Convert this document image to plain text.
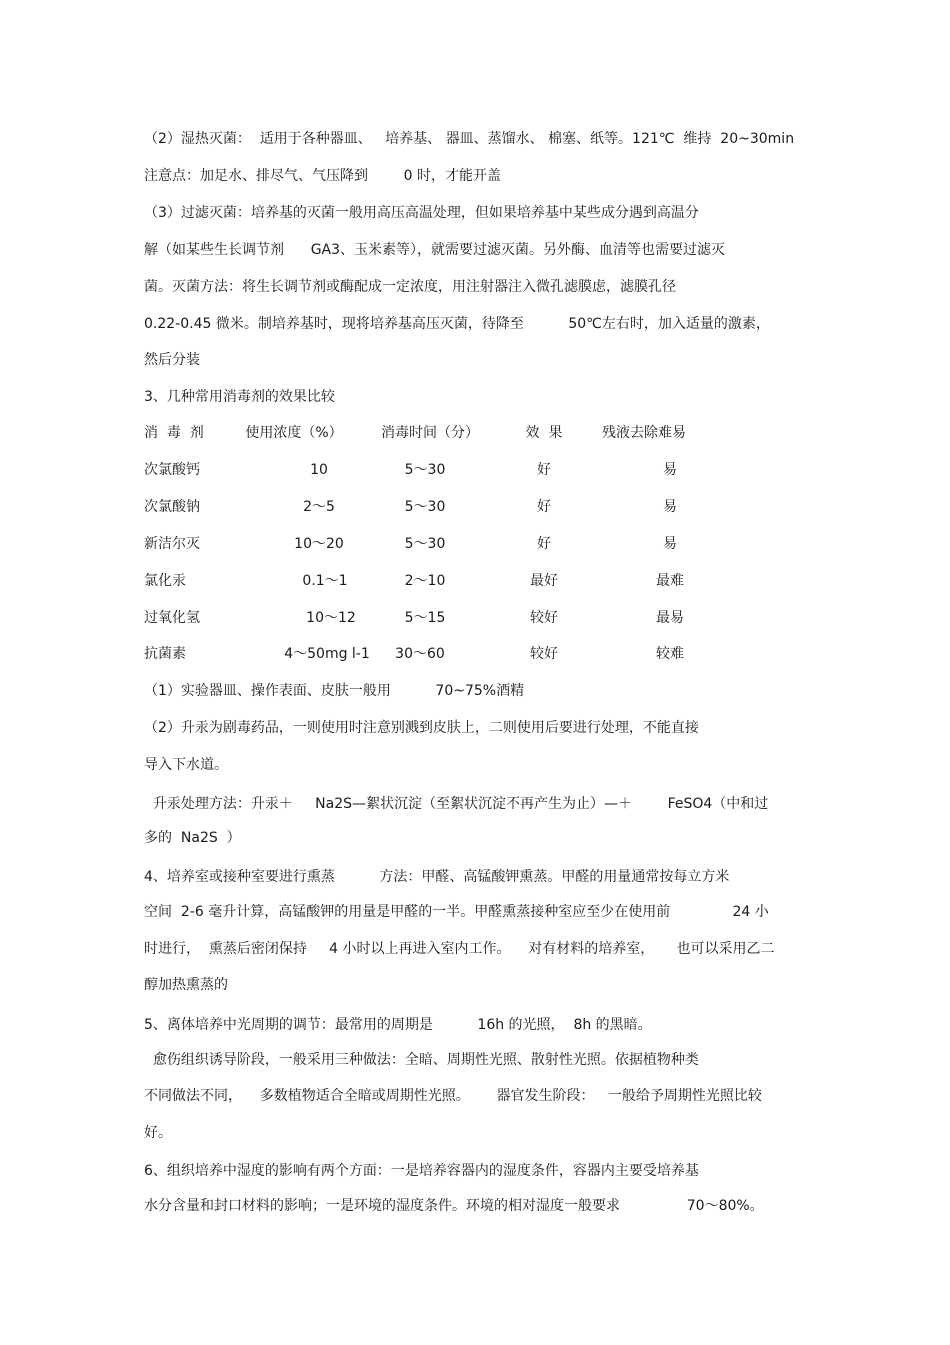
（2）湿热灭菌：  适用于各种器皿、   培养基、 器皿、蒸馏水、 棉塞、纸等。121℃  维持  20~30min
注意点：加足水、排尽气、气压降到        0 时，才能开盖
（3）过滤灭菌：培养基的灭菌一般用高压高温处理，但如果培养基中某些成分遇到高温分
解（如某些生长调节剂      GA3、玉米素等），就需要过滤灭菌。另外酶、血清等也需要过滤灭
菌。灭菌方法：将生长调节剂或酶配成一定浓度，用注射器注入微孔滤膜虑，滤膜孔径
0.22-0.45 微米。制培养基时，现将培养基高压灭菌，待降至          50℃左右时，加入适量的激素，
然后分装
3、几种常用消毒剂的效果比较
消  毒  剂	使用浓度（%）	消毒时间（分）	效  果	残液去除难易
次氯酸钙	10	5～30	好	易
次氯酸钠	2～5	5～30	好	易
新洁尔灭	10～20	5～30	好	易
氯化汞	0.1～1	2～10	最好	最难
过氧化氢	10～12	5～15	较好	最易
抗菌素	4～50mg l-1	30～60	较好	较难
（1）实验器皿、操作表面、皮肤一般用          70~75%酒精
（2）升汞为剧毒药品，一则使用时注意别溅到皮肤上，二则使用后要进行处理，不能直接
导入下水道。
升汞处理方法：升汞＋     Na2S—絮状沉淀（至絮状沉淀不再产生为止）—＋        FeSO4（中和过
多的  Na2S  ）
4、培养室或接种室要进行熏蒸          方法：甲醛、高锰酸钾熏蒸。甲醛的用量通常按每立方米
空间  2-6 毫升计算，高锰酸钾的用量是甲醛的一半。甲醛熏蒸接种室应至少在使用前              24 小
时进行，  熏蒸后密闭保持     4 小时以上再进入室内工作。    对有材料的培养室，     也可以采用乙二
醇加热熏蒸的
5、离体培养中光周期的调节：最常用的周期是          16h 的光照，  8h 的黑暗。
愈伤组织诱导阶段，一般采用三种做法：全暗、周期性光照、散射性光照。依据植物种类
不同做法不同，    多数植物适合全暗或周期性光照。      器官发生阶段：   一般给予周期性光照比较
好。
6、组织培养中湿度的影响有两个方面：一是培养容器内的湿度条件，容器内主要受培养基
水分含量和封口材料的影响；一是环境的湿度条件。环境的相对湿度一般要求               70～80%。
